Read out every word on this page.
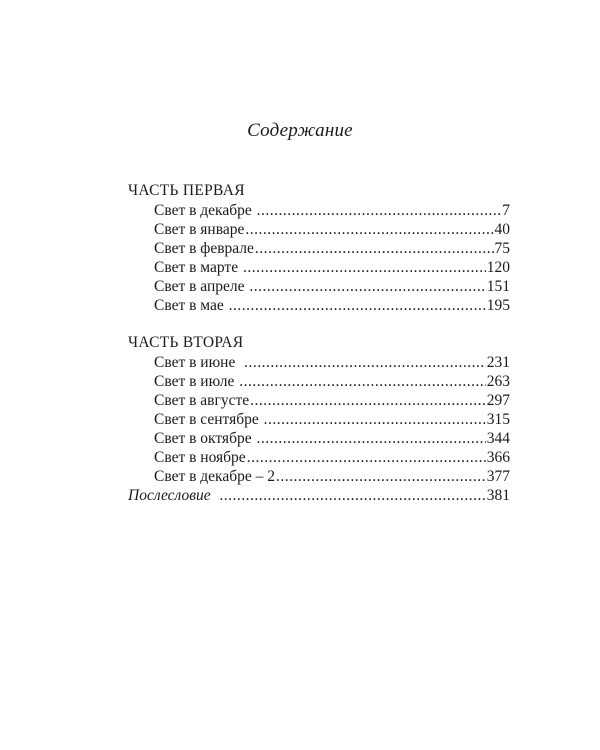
Содержание
ЧАСТЬ ПЕРВАЯ
Свет в декабре .....	7
Свет в январе .....	40
Свет в феврале .....	75
Свет в марте .....	120
Свет в апреле .....	151
Свет в мае .....	195
ЧАСТЬ ВТОРАЯ
Свет в июне .....	231
Свет в июле .....	263
Свет в августе .....	297
Свет в сентябре .....	315
Свет в октябре .....	344
Свет в ноябре .....	366
Свет в декабре – 2 .....	377
Послесловие .....	381
